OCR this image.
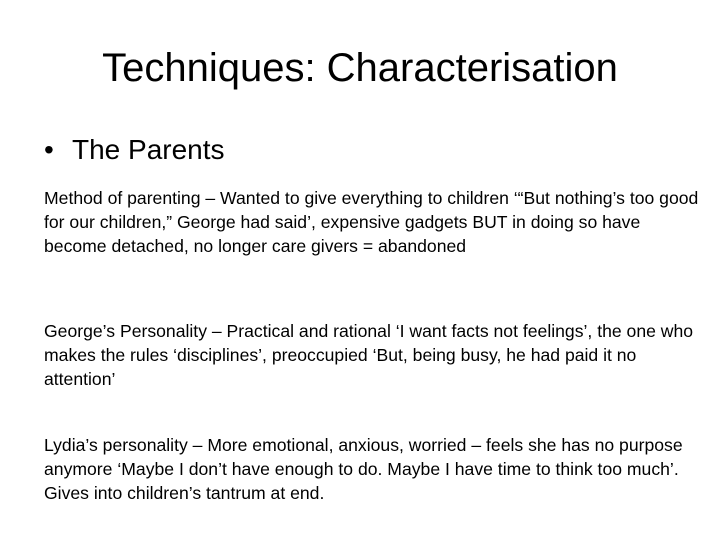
Techniques: Characterisation
• The Parents

Method of parenting – Wanted to give everything to children ‘“But nothing’s too good for our children,” George had said’, expensive gadgets BUT in doing so have become detached, no longer care givers = abandoned

George’s Personality – Practical and rational ‘I want facts not feelings’, the one who makes the rules ‘disciplines’, preoccupied ‘But, being busy, he had paid it no attention’

Lydia’s personality – More emotional, anxious, worried – feels she has no purpose anymore ‘Maybe I don’t have enough to do. Maybe I have time to think too much’. Gives into children’s tantrum at end.
